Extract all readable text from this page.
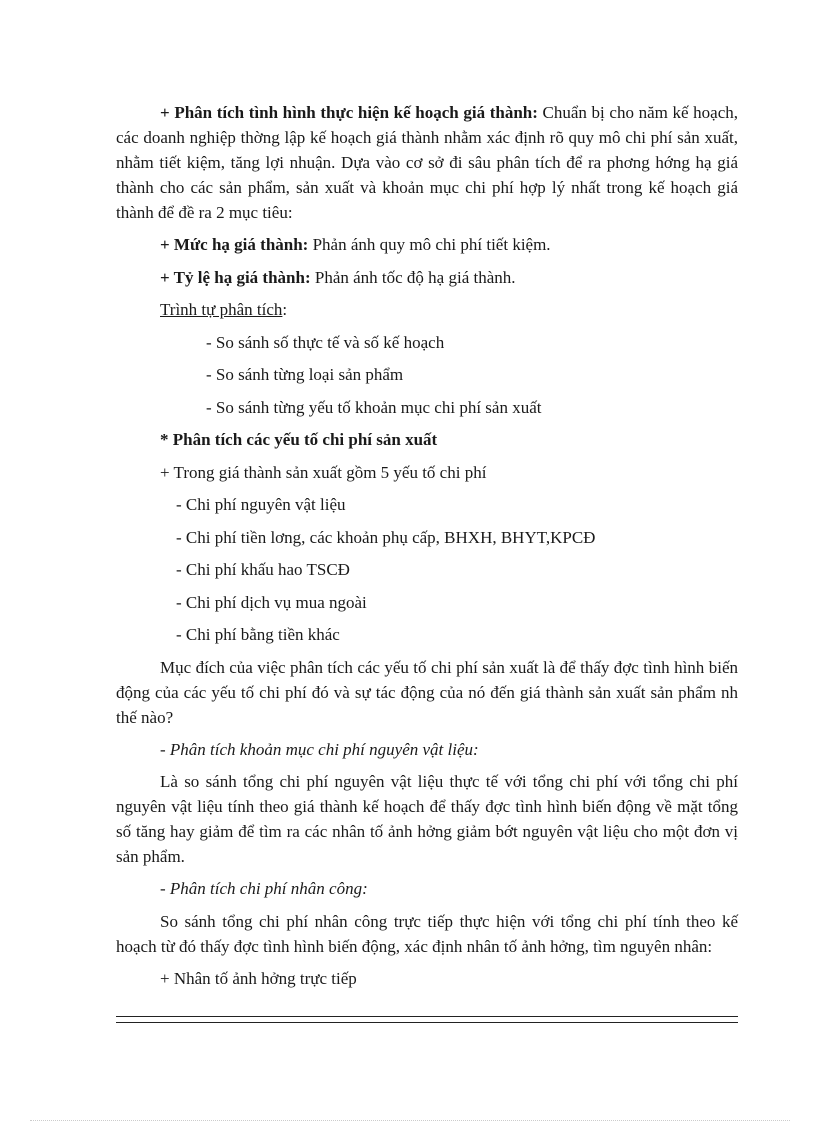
+ Phân tích tình hình thực hiện kế hoạch giá thành: Chuẩn bị cho năm kế hoạch, các doanh nghiệp thờng lập kế hoạch giá thành nhằm xác định rõ quy mô chi phí sản xuất, nhằm tiết kiệm, tăng lợi nhuận. Dựa vào cơ sở đi sâu phân tích để ra phơng hớng hạ giá thành cho các sản phẩm, sản xuất và khoản mục chi phí hợp lý nhất trong kế hoạch giá thành để đề ra 2 mục tiêu:

+ Mức hạ giá thành: Phản ánh quy mô chi phí tiết kiệm.

+ Tỷ lệ hạ giá thành: Phản ánh tốc độ hạ giá thành.

Trình tự phân tích:

- So sánh số thực tế và số kế hoạch

- So sánh từng loại sản phẩm

- So sánh từng yếu tố khoản mục chi phí sản xuất

* Phân tích các yếu tố chi phí sản xuất

+ Trong giá thành sản xuất gồm 5 yếu tố chi phí

- Chi phí nguyên vật liệu

- Chi phí tiền lơng, các khoản phụ cấp, BHXH, BHYT,KPCĐ

- Chi phí khấu hao TSCĐ

- Chi phí dịch vụ mua ngoài

- Chi phí bằng tiền khác

Mục đích của việc phân tích các yếu tố chi phí sản xuất là để thấy đợc tình hình biến động của các yếu tố chi phí đó và sự tác động của nó đến giá thành sản xuất sản phẩm nh thế nào?

- Phân tích khoản mục chi phí nguyên vật liệu:

Là so sánh tổng chi phí nguyên vật liệu thực tế với tổng chi phí với tổng chi phí nguyên vật liệu tính theo giá thành kế hoạch để thấy đợc tình hình biến động về mặt tổng số tăng hay giảm để tìm ra các nhân tố ảnh hởng giảm bớt nguyên vật liệu cho một đơn vị sản phẩm.

- Phân tích chi phí nhân công:

So sánh tổng chi phí nhân công trực tiếp thực hiện với tổng chi phí tính theo kế hoạch từ đó thấy đợc tình hình biến động, xác định nhân tố ảnh hởng, tìm nguyên nhân:

+ Nhân tố ảnh hởng trực tiếp
